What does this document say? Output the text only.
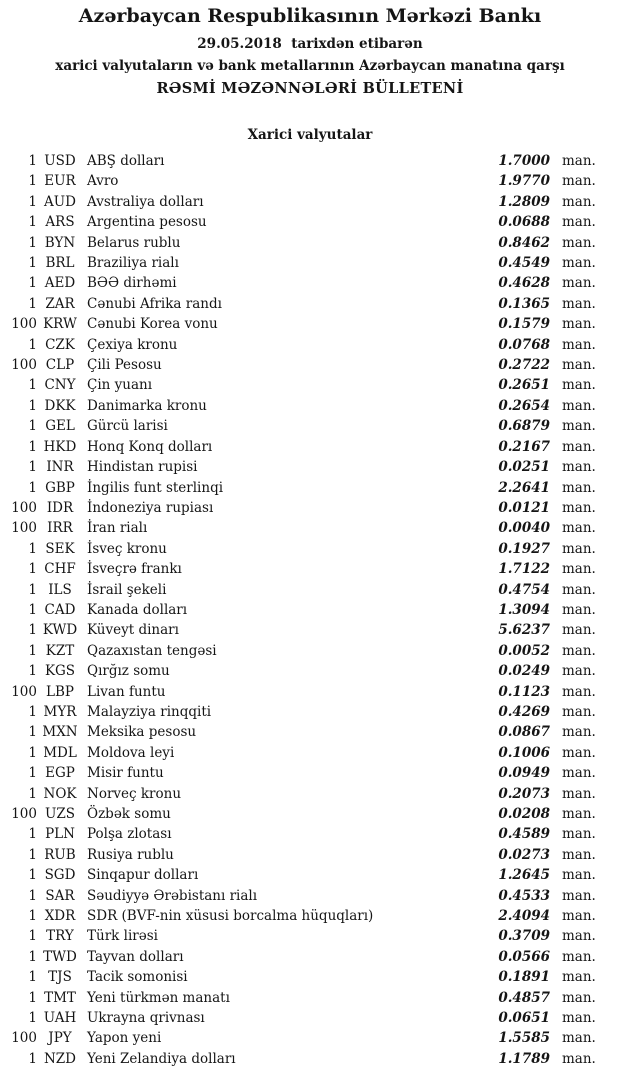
Azərbaycan Respublikasının Mərkəzi Bankı
29.05.2018  tarixdən etibarən
xarici valyutaların və bank metallarının Azərbaycan manatına qarşı
RƏSMİ MƏZƏNNƏLƏRİ BÜLLETENİ
Xarici valyutalar
1 USD ABŞ dolları	1.7000 man.
1 EUR Avro	1.9770 man.
1 AUD Avstraliya dolları	1.2809 man.
1 ARS Argentina pesosu	0.0688 man.
1 BYN Belarus rublu	0.8462 man.
1 BRL Braziliya rialı	0.4549 man.
1 AED BƏƏ dirhəmi	0.4628 man.
1 ZAR Cənubi Afrika randı	0.1365 man.
100 KRW Cənubi Korea vonu	0.1579 man.
1 CZK Çexiya kronu	0.0768 man.
100 CLP Çili Pesosu	0.2722 man.
1 CNY Çin yuanı	0.2651 man.
1 DKK Danimarka kronu	0.2654 man.
1 GEL Gürcü larisi	0.6879 man.
1 HKD Honq Konq dolları	0.2167 man.
1 INR Hindistan rupisi	0.0251 man.
1 GBP İngilis funt sterlinqi	2.2641 man.
100 IDR	İndoneziya rupiası	0.0121 man.
100 IRR	İran rialı	0.0040 man.
1 SEK İsveç kronu	0.1927 man.
1 CHF İsveçrə frankı	1.7122 man.
1 ILS	İsrail şekeli	0.4754 man.
1 CAD Kanada dolları	1.3094 man.
1 KWD Küveyt dinarı	5.6237 man.
1 KZT Qazaxıstan tengəsi	0.0052 man.
1 KGS Qırğız somu	0.0249 man.
100 LBP Livan funtu	0.1123 man.
1 MYR Malayziya rinqqiti	0.4269 man.
1 MXN Meksika pesosu	0.0867 man.
1 MDL Moldova leyi	0.1006 man.
1 EGP Misir funtu	0.0949 man.
1 NOK Norveç kronu	0.2073 man.
100 UZS Özbək somu	0.0208 man.
1 PLN Polşa zlotası	0.4589 man.
1 RUB Rusiya rublu	0.0273 man.
1 SGD Sinqapur dolları	1.2645 man.
1 SAR Səudiyyə Ərəbistanı rialı	0.4533 man.
1 XDR SDR (BVF-nin xüsusi borcalma hüquqları)	2.4094 man.
1 TRY Türk lirəsi	0.3709 man.
1 TWD Tayvan dolları	0.0566 man.
1 TJS	Tacik somonisi	0.1891 man.
1 TMT Yeni türkmən manatı	0.4857 man.
1 UAH Ukrayna qrivnası	0.0651 man.
100 JPY	Yapon yeni	1.5585 man.
1 NZD Yeni Zelandiya dolları	1.1789 man.
